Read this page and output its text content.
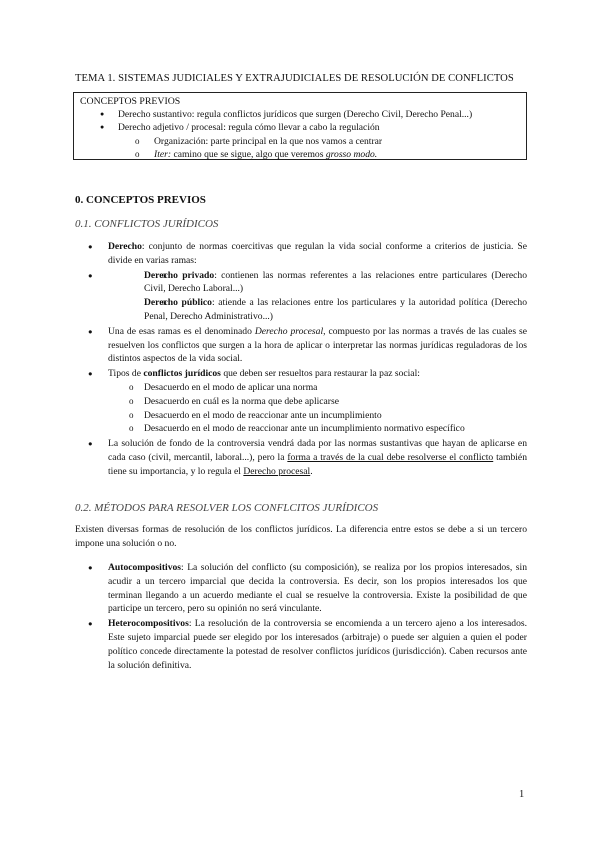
TEMA 1. SISTEMAS JUDICIALES Y EXTRAJUDICIALES DE RESOLUCIÓN DE CONFLICTOS
CONCEPTOS PREVIOS
● Derecho sustantivo: regula conflictos jurídicos que surgen (Derecho Civil, Derecho Penal...)
● Derecho adjetivo / procesal: regula cómo llevar a cabo la regulación
o Organización: parte principal en la que nos vamos a centrar
o Iter: camino que se sigue, algo que veremos grosso modo.
0. CONCEPTOS PREVIOS
0.1. CONFLICTOS JURÍDICOS
● Derecho: conjunto de normas coercitivas que regulan la vida social conforme a criterios de justicia. Se divide en varias ramas:
o ● Derecho privado: contienen las normas referentes a las relaciones entre particulares (Derecho Civil, Derecho Laboral...)
o Derecho público: atiende a las relaciones entre los particulares y la autoridad política (Derecho Penal, Derecho Administrativo...)
● Una de esas ramas es el denominado Derecho procesal, compuesto por las normas a través de las cuales se resuelven los conflictos que surgen a la hora de aplicar o interpretar las normas jurídicas reguladoras de los distintos aspectos de la vida social.
● Tipos de conflictos jurídicos que deben ser resueltos para restaurar la paz social:
o Desacuerdo en el modo de aplicar una norma
o Desacuerdo en cuál es la norma que debe aplicarse
o Desacuerdo en el modo de reaccionar ante un incumplimiento
o Desacuerdo en el modo de reaccionar ante un incumplimiento normativo específico
● La solución de fondo de la controversia vendrá dada por las normas sustantivas que hayan de aplicarse en cada caso (civil, mercantil, laboral...), pero la forma a través de la cual debe resolverse el conflicto también tiene su importancia, y lo regula el Derecho procesal.
0.2. MÉTODOS PARA RESOLVER LOS CONFLCITOS JURÍDICOS
Existen diversas formas de resolución de los conflictos jurídicos. La diferencia entre estos se debe a si un tercero impone una solución o no.
● Autocompositivos: La solución del conflicto (su composición), se realiza por los propios interesados, sin acudir a un tercero imparcial que decida la controversia. Es decir, son los propios interesados los que terminan llegando a un acuerdo mediante el cual se resuelve la controversia. Existe la posibilidad de que participe un tercero, pero su opinión no será vinculante.
● Heterocompositivos: La resolución de la controversia se encomienda a un tercero ajeno a los interesados. Este sujeto imparcial puede ser elegido por los interesados (arbitraje) o puede ser alguien a quien el poder político concede directamente la potestad de resolver conflictos jurídicos (jurisdicción). Caben recursos ante la solución definitiva.
1
